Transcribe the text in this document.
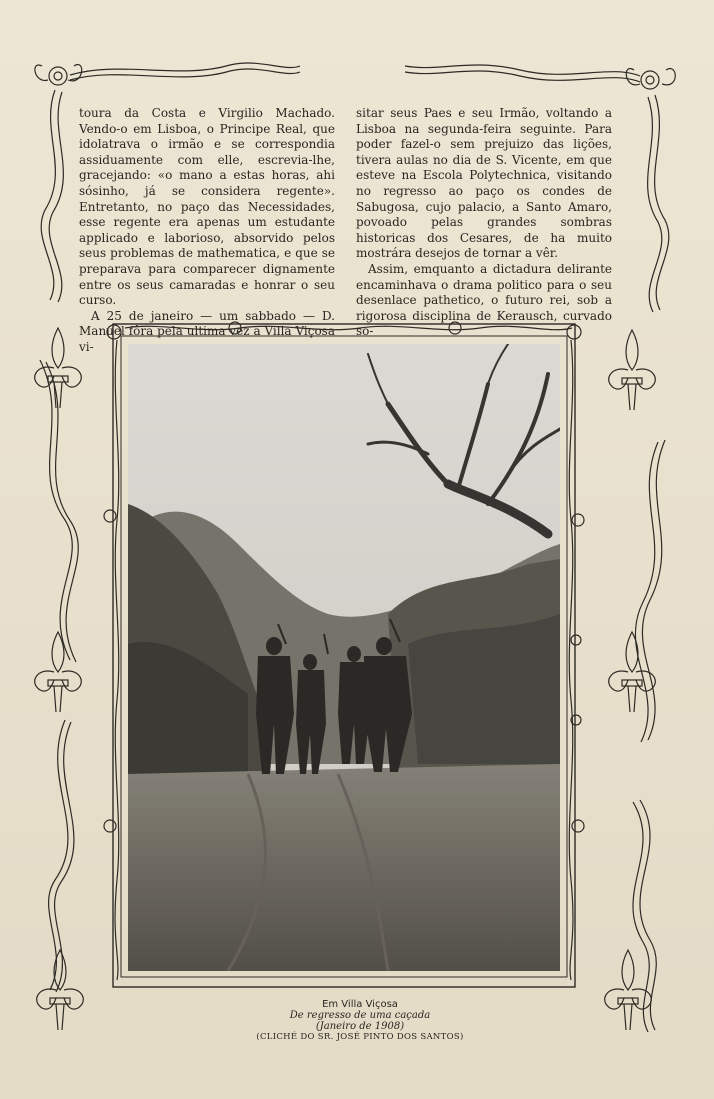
toura da Costa e Virgilio Machado. Vendo-o em Lisboa, o Principe Real, que idolatrava o irmão e se correspondia assiduamente com elle, escrevia-lhe, gracejando: «o mano a estas horas, ahi sósinho, já se considera regente». Entretanto, no paço das Necessidades, esse regente era apenas um estudante applicado e laborioso, absorvido pelos seus problemas de mathematica, e que se preparava para comparecer dignamente entre os seus camaradas e honrar o seu curso.

A 25 de janeiro — um sabbado — D. Manuel fôra pela ultima vez a Villa Viçosa vi-

sitar seus Paes e seu Irmão, voltando a Lisboa na segunda-feira seguinte. Para poder fazel-o sem prejuizo das lições, tivera aulas no dia de S. Vicente, em que esteve na Escola Polytechnica, visitando no regresso ao paço os condes de Sabugosa, cujo palacio, a Santo Amaro, povoado pelas grandes sombras historicas dos Cesares, de ha muito mostrára desejos de tornar a vêr.

Assim, emquanto a dictadura delirante encaminhava o drama politico para o seu desenlace pathetico, o futuro rei, sob a rigorosa disciplina de Kerausch, curvado so-

Em Villa Viçosa
De regresso de uma caçada
(Janeiro de 1908)
(CLICHÉ DO SR. JOSÉ PINTO DOS SANTOS)
